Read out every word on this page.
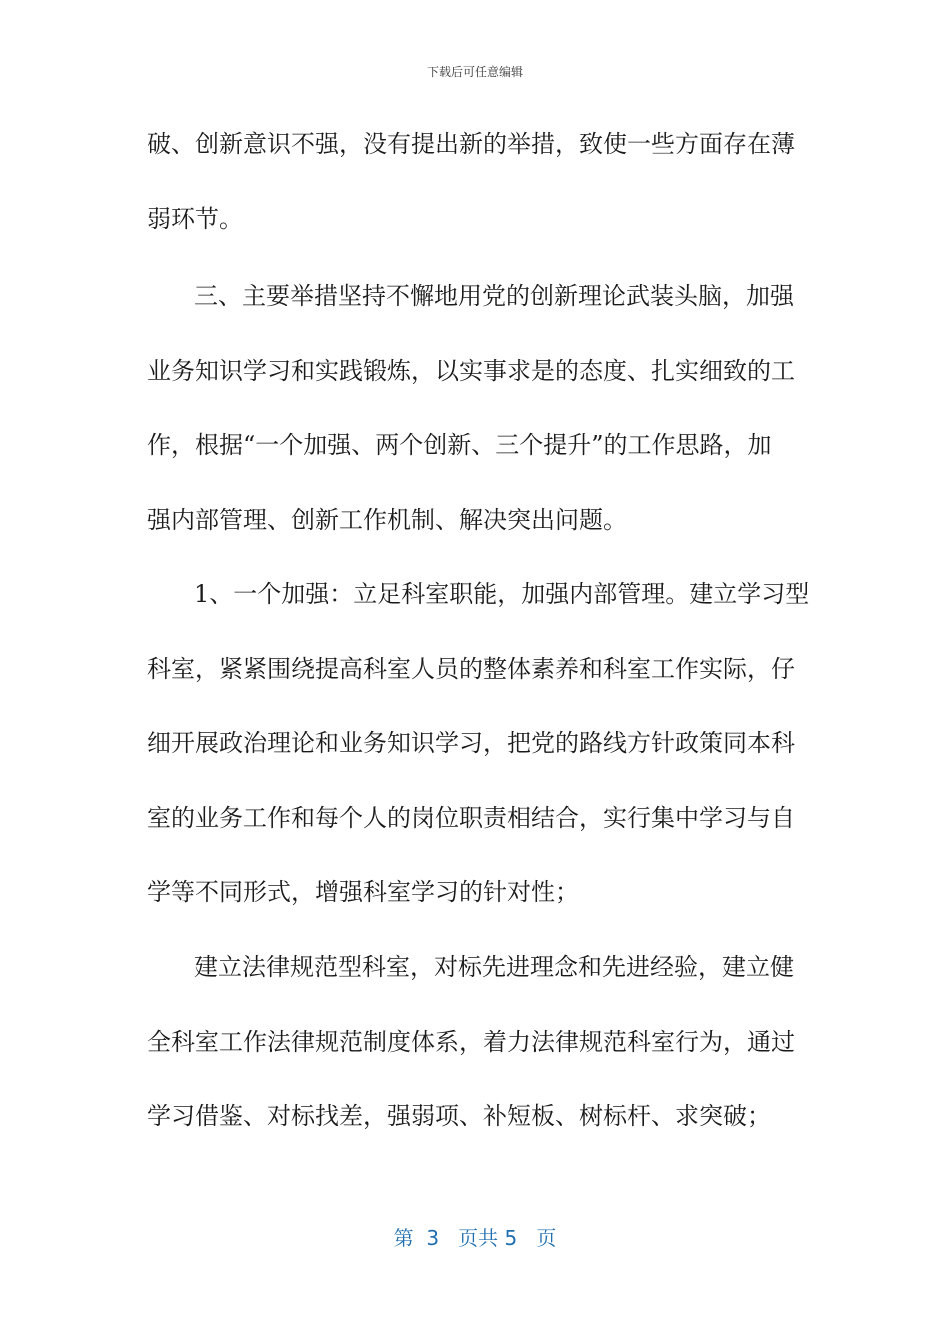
下载后可任意编辑
破、创新意识不强，没有提出新的举措，致使一些方面存在薄
弱环节。
三、主要举措坚持不懈地用党的创新理论武装头脑，加强
业务知识学习和实践锻炼，以实事求是的态度、扎实细致的工
作，根据“一个加强、两个创新、三个提升”的工作思路，加
强内部管理、创新工作机制、解决突出问题。
1、一个加强：立足科室职能，加强内部管理。建立学习型
科室，紧紧围绕提高科室人员的整体素养和科室工作实际，仔
细开展政治理论和业务知识学习，把党的路线方针政策同本科
室的业务工作和每个人的岗位职责相结合，实行集中学习与自
学等不同形式，增强科室学习的针对性；
建立法律规范型科室，对标先进理念和先进经验，建立健
全科室工作法律规范制度体系，着力法律规范科室行为，通过
学习借鉴、对标找差，强弱项、补短板、树标杆、求突破；
第  3   页共 5   页
